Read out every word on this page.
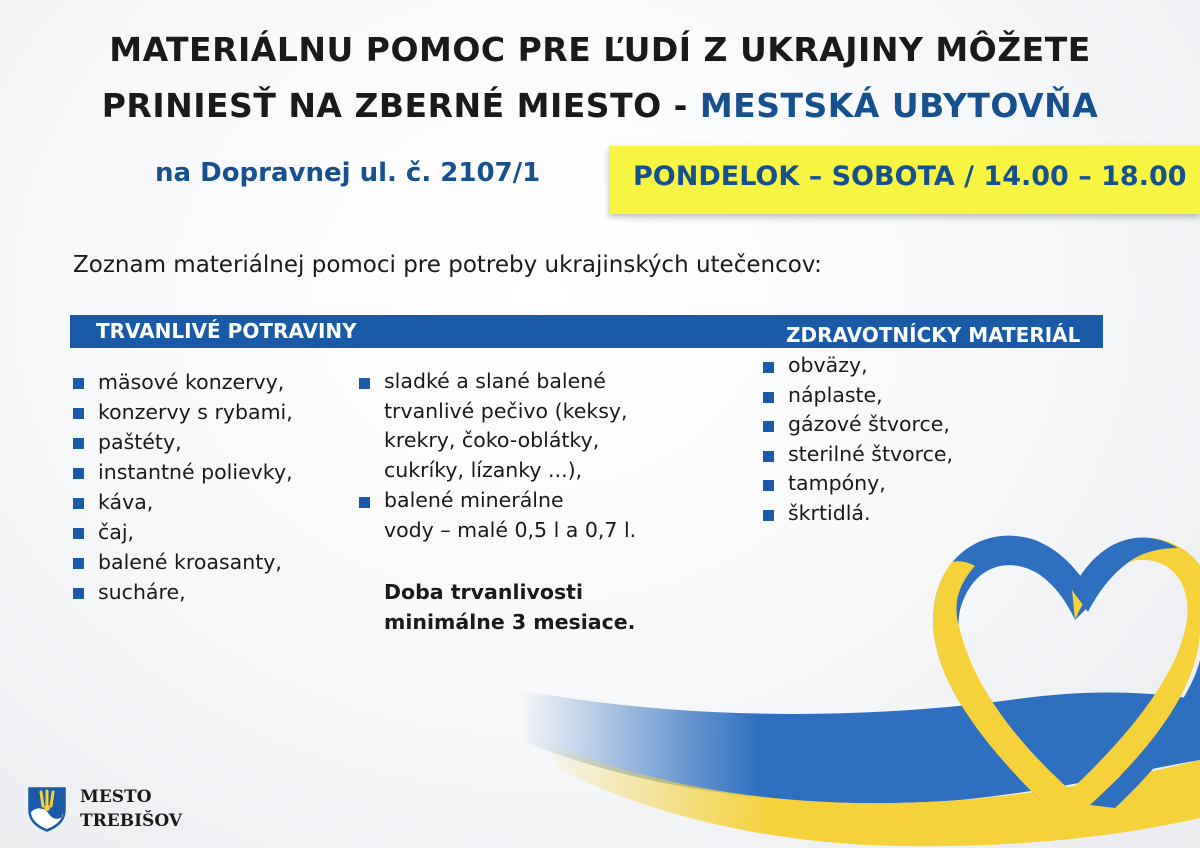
MATERIÁLNU POMOC PRE ĽUDÍ Z UKRAJINY MÔŽETE
PRINIESŤ NA ZBERNÉ MIESTO - MESTSKÁ UBYTOVŇA
na Dopravnej ul. č. 2107/1	PONDELOK – SOBOTA / 14.00 – 18.00
Zoznam materiálnej pomoci pre potreby ukrajinských utečencov:
TRVANLIVÉ POTRAVINY	ZDRAVOTNÍCKY MATERIÁL
mäsové konzervy,
konzervy s rybami,
paštéty,
instantné polievky,
káva,
čaj,
balené kroasanty,
sucháre,
sladké a slané balené
trvanlivé pečivo (keksy,
krekry, čoko-oblátky,
cukríky, lízanky ...),
balené minerálne
vody – malé 0,5 l a 0,7 l.
Doba trvanlivosti
minimálne 3 mesiace.
obväzy,
náplaste,
gázové štvorce,
sterilné štvorce,
tampóny,
škrtidlá.
MESTO
TREBIŠOV
